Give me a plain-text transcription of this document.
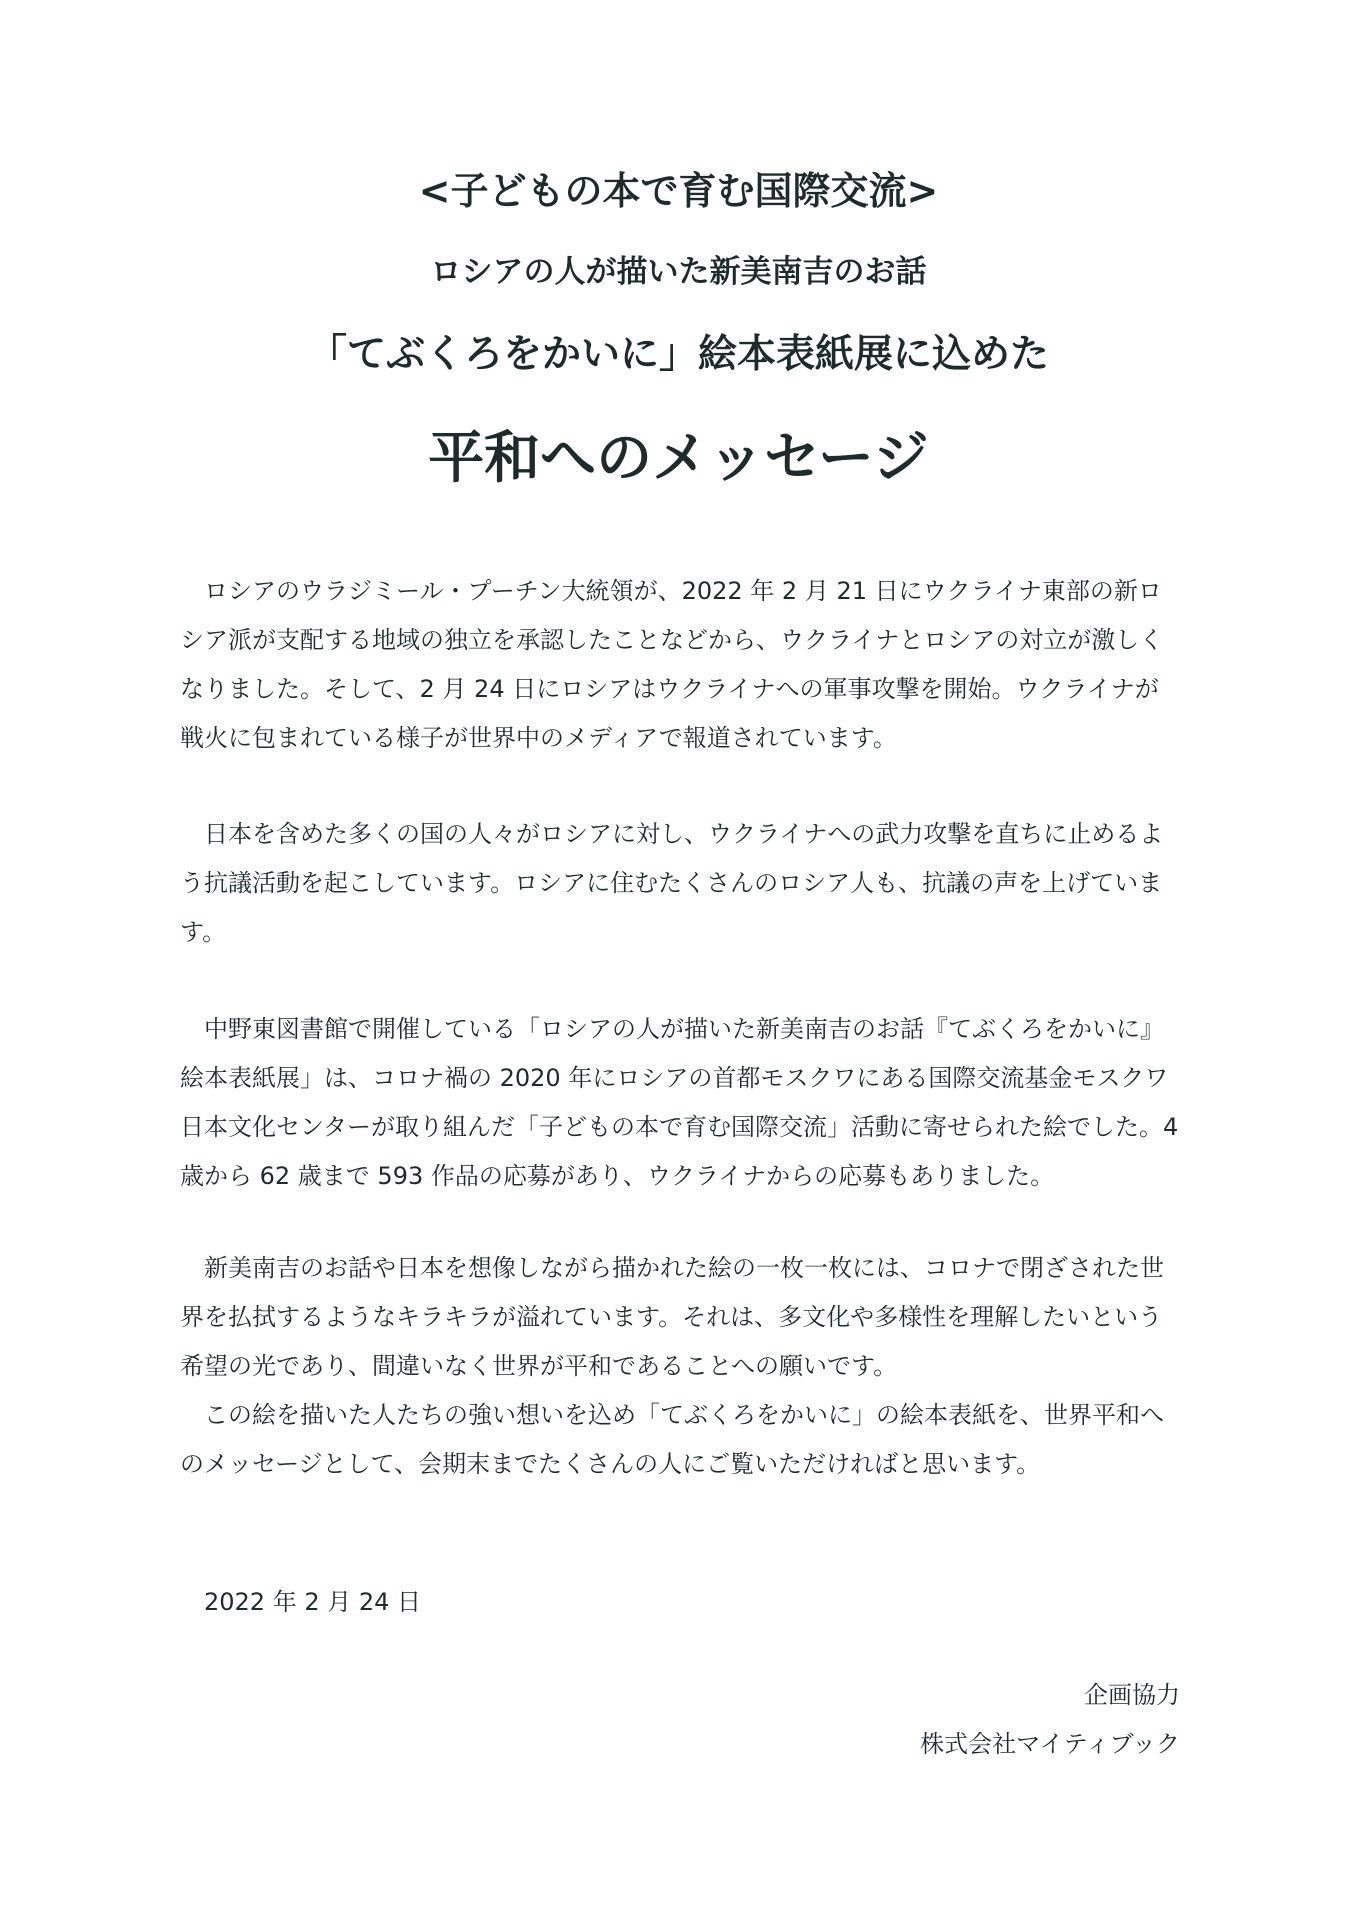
<子どもの本で育む国際交流>
ロシアの人が描いた新美南吉のお話
「てぶくろをかいに」絵本表紙展に込めた
平和へのメッセージ

ロシアのウラジミール・プーチン大統領が、2022 年 2 月 21 日にウクライナ東部の新ロシア派が支配する地域の独立を承認したことなどから、ウクライナとロシアの対立が激しくなりました。そして、2 月 24 日にロシアはウクライナへの軍事攻撃を開始。ウクライナが戦火に包まれている様子が世界中のメディアで報道されています。

日本を含めた多くの国の人々がロシアに対し、ウクライナへの武力攻撃を直ちに止めるよう抗議活動を起こしています。ロシアに住むたくさんのロシア人も、抗議の声を上げています。

中野東図書館で開催している「ロシアの人が描いた新美南吉のお話『てぶくろをかいに』絵本表紙展」は、コロナ禍の 2020 年にロシアの首都モスクワにある国際交流基金モスクワ日本文化センターが取り組んだ「子どもの本で育む国際交流」活動に寄せられた絵でした。4 歳から 62 歳まで 593 作品の応募があり、ウクライナからの応募もありました。

新美南吉のお話や日本を想像しながら描かれた絵の一枚一枚には、コロナで閉ざされた世界を払拭するようなキラキラが溢れています。それは、多文化や多様性を理解したいという希望の光であり、間違いなく世界が平和であることへの願いです。

この絵を描いた人たちの強い想いを込め「てぶくろをかいに」の絵本表紙を、世界平和へのメッセージとして、会期末までたくさんの人にご覧いただければと思います。

2022 年 2 月 24 日
企画協力
株式会社マイティブック
